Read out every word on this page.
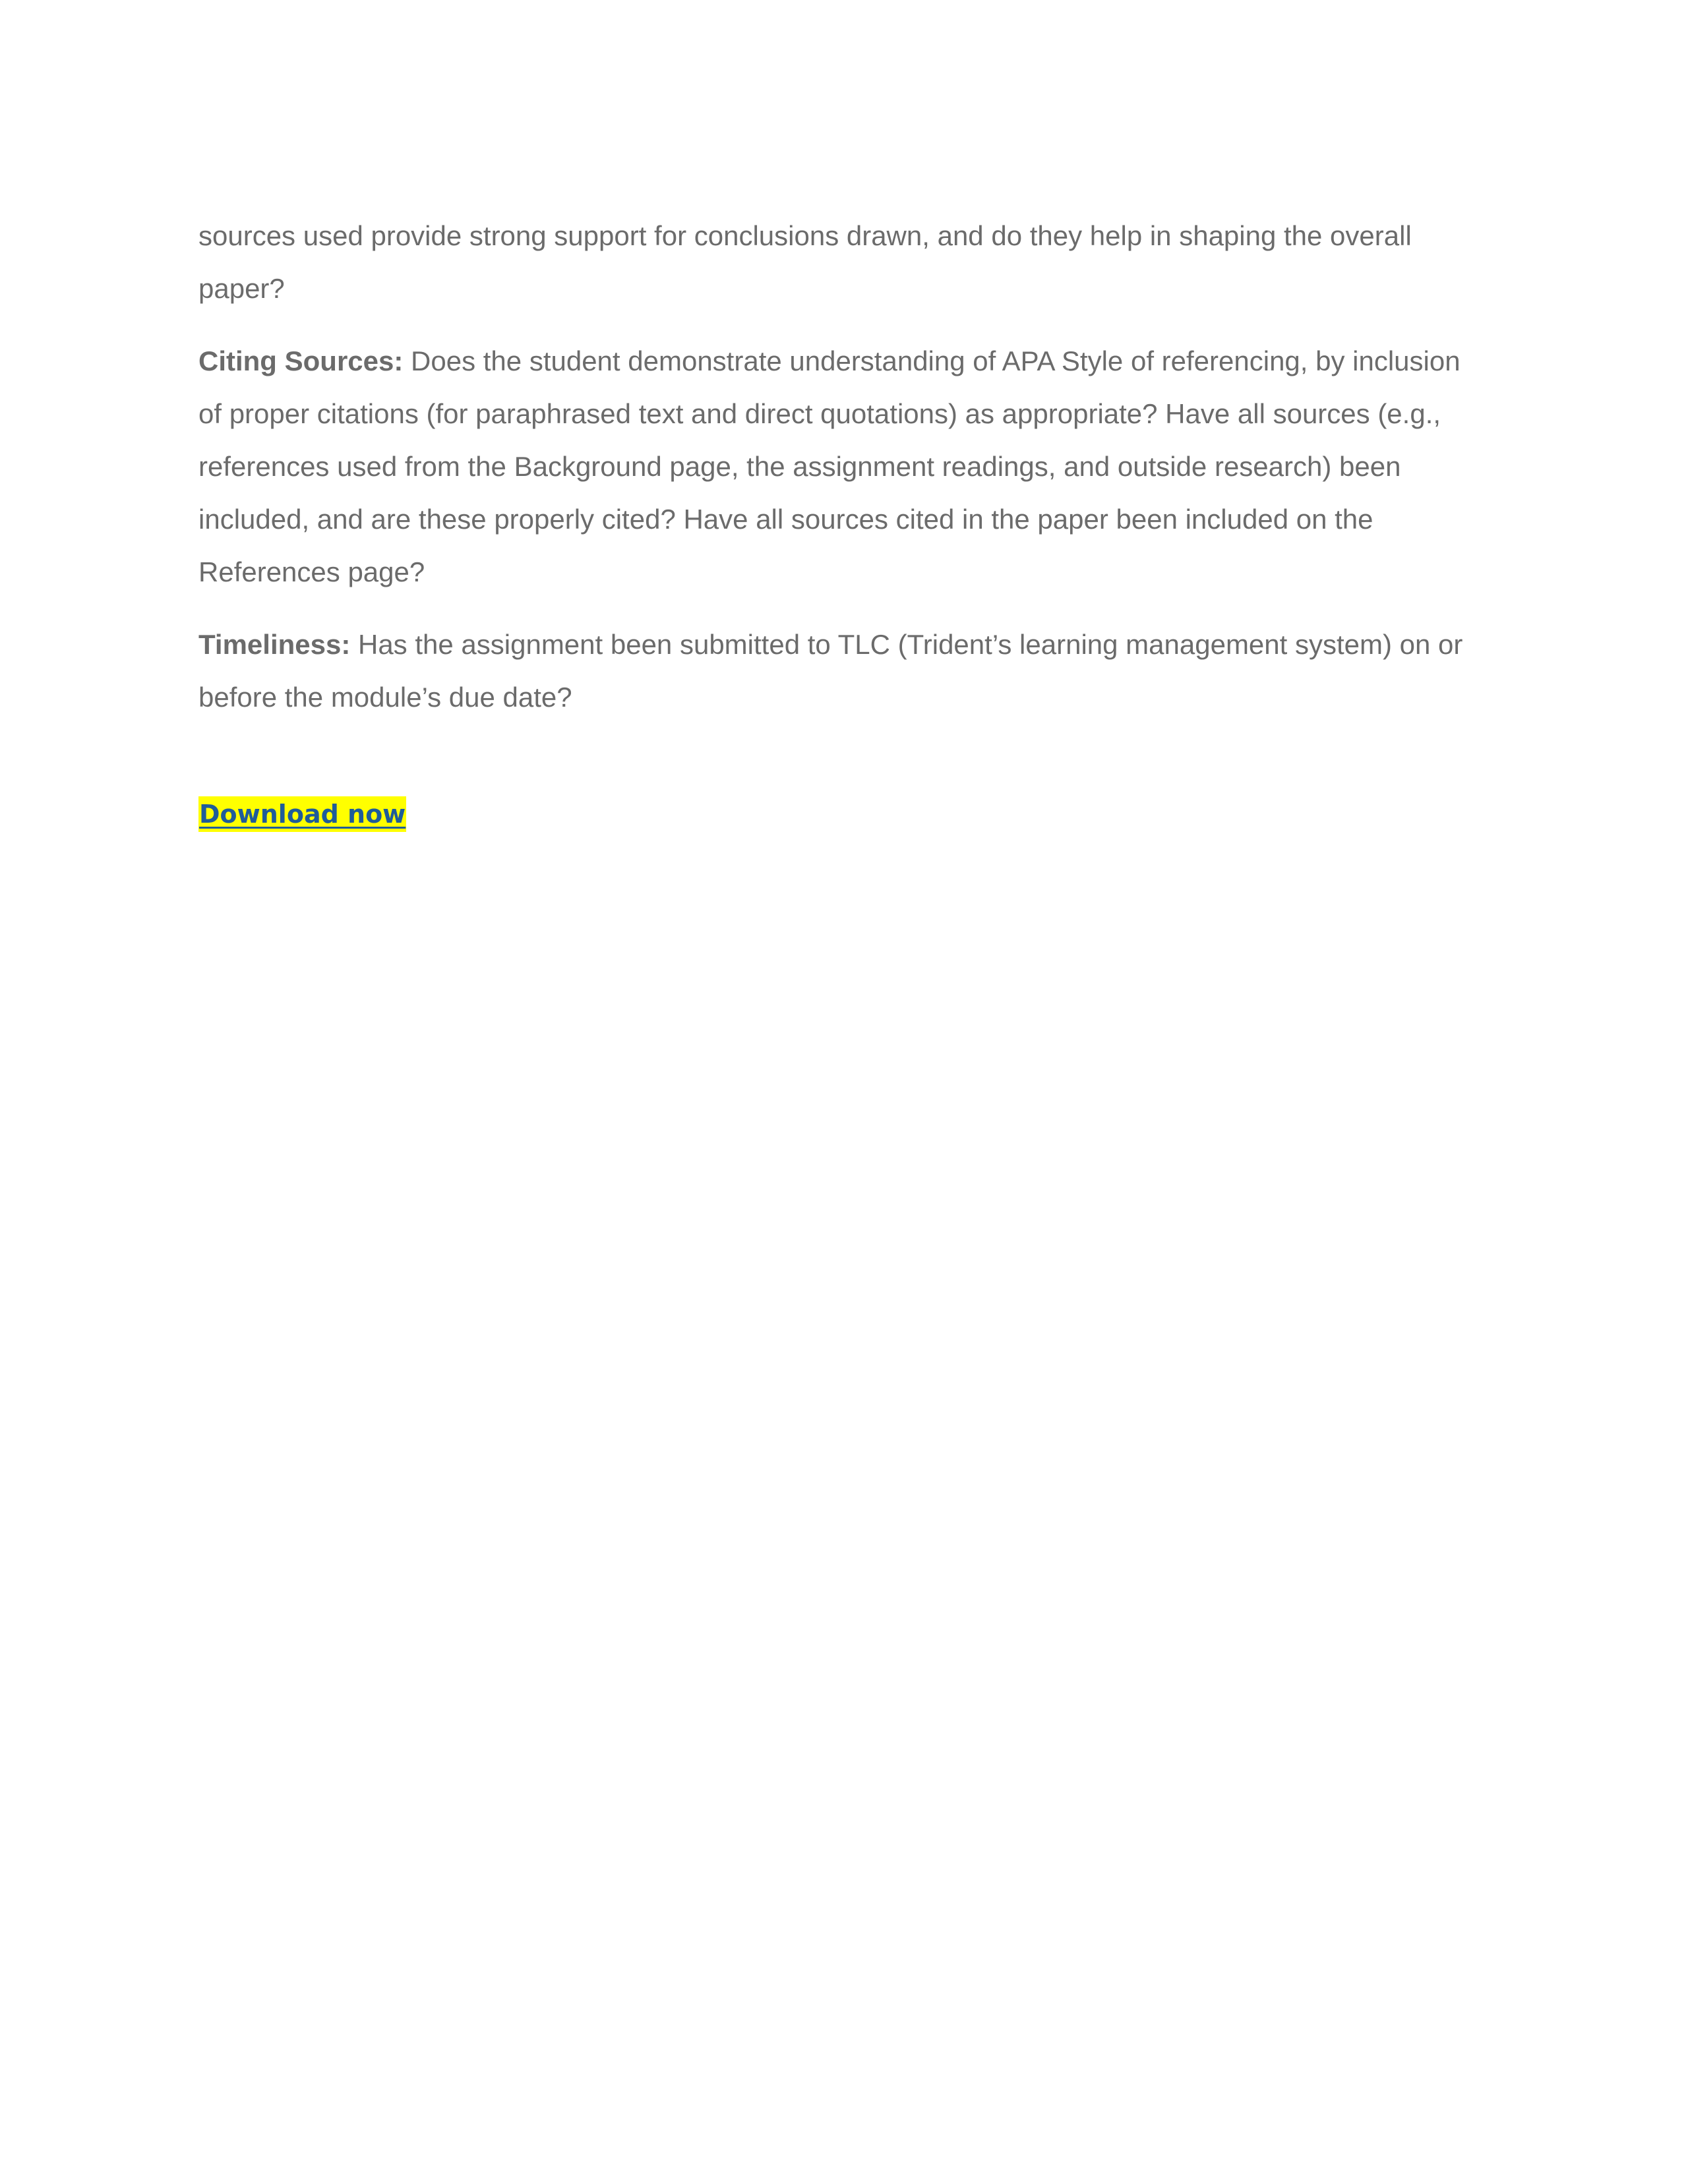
sources used provide strong support for conclusions drawn, and do they help in shaping the overall paper?

Citing Sources: Does the student demonstrate understanding of APA Style of referencing, by inclusion of proper citations (for paraphrased text and direct quotations) as appropriate? Have all sources (e.g., references used from the Background page, the assignment readings, and outside research) been included, and are these properly cited? Have all sources cited in the paper been included on the References page?

Timeliness: Has the assignment been submitted to TLC (Trident’s learning management system) on or before the module’s due date?

Download now
